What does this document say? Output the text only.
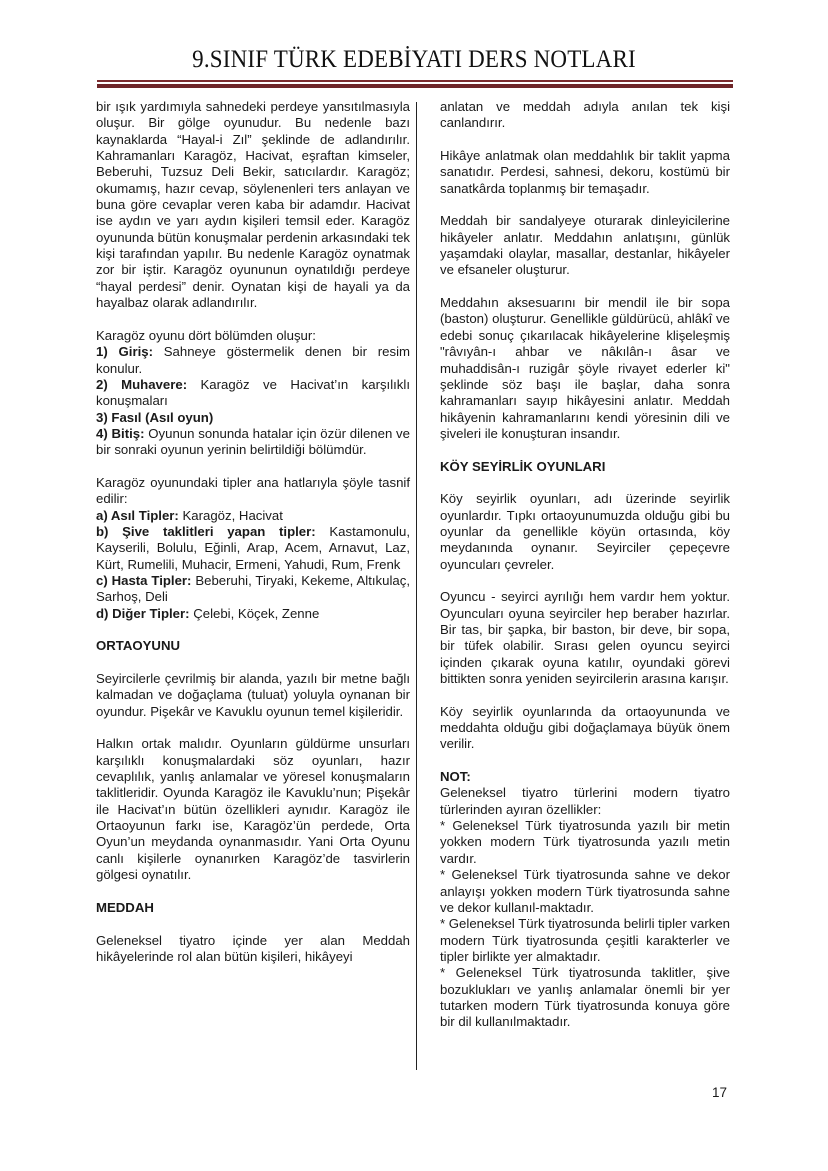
9.SINIF TÜRK EDEBİYATI DERS NOTLARI
bir ışık yardımıyla sahnedeki perdeye yansıtılmasıyla oluşur. Bir gölge oyunudur. Bu nedenle bazı kaynaklarda “Hayal-i Zıl” şeklinde de adlandırılır. Kahramanları Karagöz, Hacivat, eşraftan kimseler, Beberuhi, Tuzsuz Deli Bekir, satıcılardır. Karagöz; okumamış, hazır cevap, söylenenleri ters anlayan ve buna göre cevaplar veren kaba bir adamdır. Hacivat ise aydın ve yarı aydın kişileri temsil eder. Karagöz oyununda bütün konuşmalar perdenin arkasındaki tek kişi tarafından yapılır. Bu nedenle Karagöz oynatmak zor bir iştir. Karagöz oyununun oynatıldığı perdeye “hayal perdesi” denir. Oynatan kişi de hayali ya da hayalbaz olarak adlandırılır.
Karagöz oyunu dört bölümden oluşur:
1) Giriş: Sahneye göstermelik denen bir resim konulur.
2) Muhavere: Karagöz ve Hacivat’ın karşılıklı konuşmaları
3) Fasıl (Asıl oyun)
4) Bitiş: Oyunun sonunda hatalar için özür dilenen ve bir sonraki oyunun yerinin belirtildiği bölümdür.
Karagöz oyunundaki tipler ana hatlarıyla şöyle tasnif edilir:
a) Asıl Tipler: Karagöz, Hacivat
b) Şive taklitleri yapan tipler: Kastamonulu, Kayserili, Bolulu, Eğinli, Arap, Acem, Arnavut, Laz, Kürt, Rumelili, Muhacir, Ermeni, Yahudi, Rum, Frenk
c) Hasta Tipler: Beberuhi, Tiryaki, Kekeme, Altıkulaç, Sarhoş, Deli
d) Diğer Tipler: Çelebi, Köçek, Zenne
ORTAOYUNU
Seyircilerle çevrilmiş bir alanda, yazılı bir metne bağlı kalmadan ve doğaçlama (tuluat) yoluyla oynanan bir oyundur. Pişekâr ve Kavuklu oyunun temel kişileridir.
Halkın ortak malıdır. Oyunların güldürme unsurları karşılıklı konuşmalardaki söz oyunları, hazır cevaplılık, yanlış anlamalar ve yöresel konuşmaların taklitleridir. Oyunda Karagöz ile Kavuklu’nun; Pişekâr ile Hacivat’ın bütün özellikleri aynıdır. Karagöz ile Ortaoyunun farkı ise, Karagöz’ün perdede, Orta Oyun’un meydanda oynanmasıdır. Yani Orta Oyunu canlı kişilerle oynanırken Karagöz’de tasvirlerin gölgesi oynatılır.
MEDDAH
Geleneksel tiyatro içinde yer alan Meddah hikâyelerinde rol alan bütün kişileri, hikâyeyi
anlatan ve meddah adıyla anılan tek kişi canlandırır.
Hikâye anlatmak olan meddahlık bir taklit yapma sanatıdır. Perdesi, sahnesi, dekoru, kostümü bir sanatkârda toplanmış bir temaşadır.
Meddah bir sandalyeye oturarak dinleyicilerine hikâyeler anlatır. Meddahın anlatışını, günlük yaşamdaki olaylar, masallar, destanlar, hikâyeler ve efsaneler oluşturur.
Meddahın aksesuarını bir mendil ile bir sopa (baston) oluşturur. Genellikle güldürücü, ahlâkî ve edebi sonuç çıkarılacak hikâyelerine klişeleşmiş "râvıyân-ı ahbar ve nâkılân-ı âsar ve muhaddisân-ı ruzigâr şöyle rivayet ederler ki" şeklinde söz başı ile başlar, daha sonra kahramanları sayıp hikâyesini anlatır. Meddah hikâyenin kahramanlarını kendi yöresinin dili ve şiveleri ile konuşturan insandır.
KÖY SEYİRLİK OYUNLARI
Köy seyirlik oyunları, adı üzerinde seyirlik oyunlardır. Tıpkı ortaoyunumuzda olduğu gibi bu oyunlar da genellikle köyün ortasında, köy meydanında oynanır. Seyirciler çepeçevre oyuncuları çevreler.
Oyuncu - seyirci ayrılığı hem vardır hem yoktur. Oyuncuları oyuna seyirciler hep beraber hazırlar. Bir tas, bir şapka, bir baston, bir deve, bir sopa, bir tüfek olabilir. Sırası gelen oyuncu seyirci içinden çıkarak oyuna katılır, oyundaki görevi bittikten sonra yeniden seyircilerin arasına karışır.
Köy seyirlik oyunlarında da ortaoyununda ve meddahta olduğu gibi doğaçlamaya büyük önem verilir.
NOT:
Geleneksel tiyatro türlerini modern tiyatro türlerinden ayıran özellikler:
* Geleneksel Türk tiyatrosunda yazılı bir metin yokken modern Türk tiyatrosunda yazılı metin vardır.
* Geleneksel Türk tiyatrosunda sahne ve dekor anlayışı yokken modern Türk tiyatrosunda sahne ve dekor kullanıl-maktadır.
* Geleneksel Türk tiyatrosunda belirli tipler varken modern Türk tiyatrosunda çeşitli karakterler ve tipler birlikte yer almaktadır.
* Geleneksel Türk tiyatrosunda taklitler, şive bozuklukları ve yanlış anlamalar önemli bir yer tutarken modern Türk tiyatrosunda konuya göre bir dil kullanılmaktadır.
17
